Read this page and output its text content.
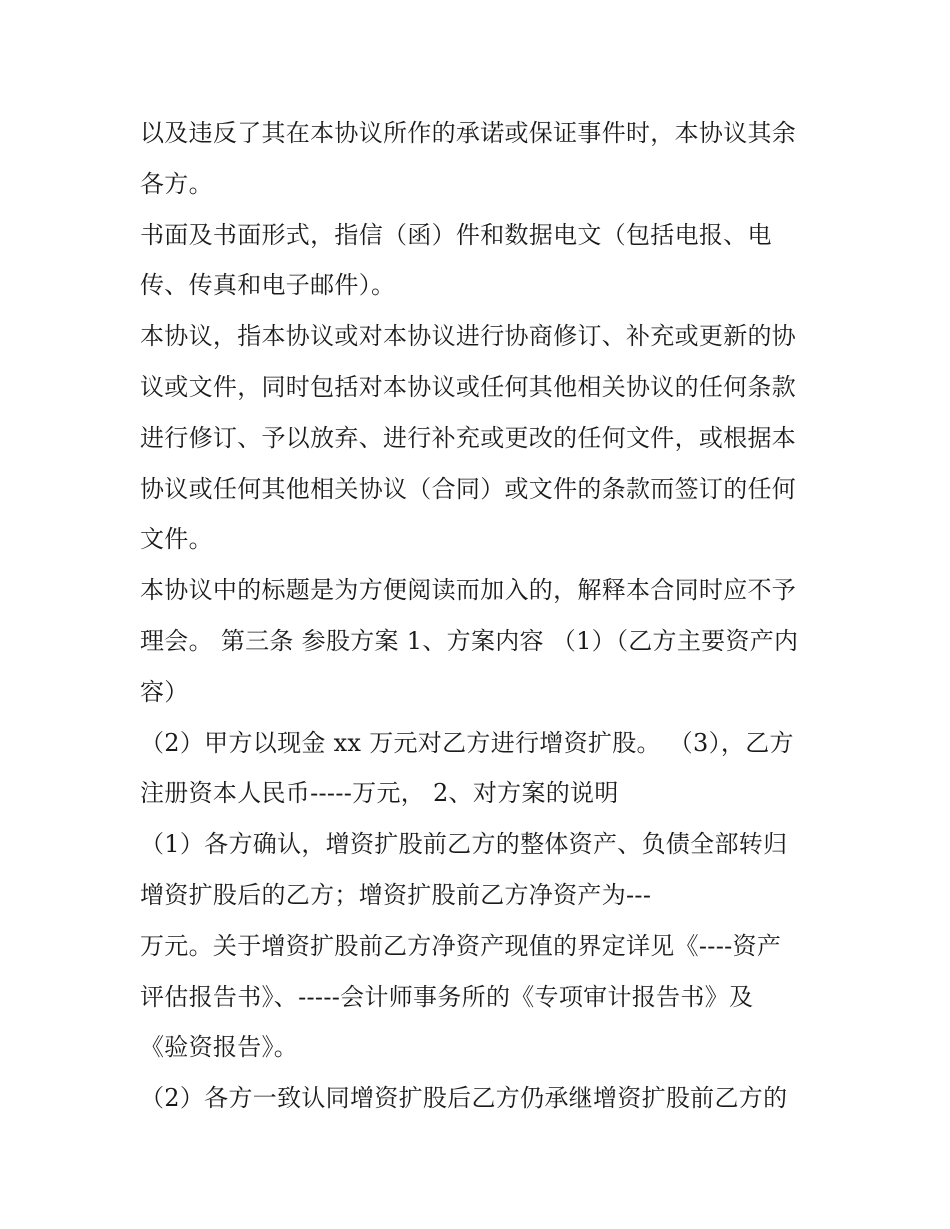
以及违反了其在本协议所作的承诺或保证事件时，本协议其余
各方。
书面及书面形式，指信（函）件和数据电文（包括电报、电
传、传真和电子邮件）。
本协议，指本协议或对本协议进行协商修订、补充或更新的协
议或文件，同时包括对本协议或任何其他相关协议的任何条款
进行修订、予以放弃、进行补充或更改的任何文件，或根据本
协议或任何其他相关协议（合同）或文件的条款而签订的任何
文件。
本协议中的标题是为方便阅读而加入的，解释本合同时应不予
理会。 第三条 参股方案 1、方案内容 （1）（乙方主要资产内
容）
（2）甲方以现金 xx 万元对乙方进行增资扩股。 （3），乙方
注册资本人民币-----万元， 2、对方案的说明
（1）各方确认，增资扩股前乙方的整体资产、负债全部转归
增资扩股后的乙方；增资扩股前乙方净资产为---
万元。关于增资扩股前乙方净资产现值的界定详见《----资产
评估报告书》、-----会计师事务所的《专项审计报告书》及
《验资报告》。
（2）各方一致认同增资扩股后乙方仍承继增资扩股前乙方的
